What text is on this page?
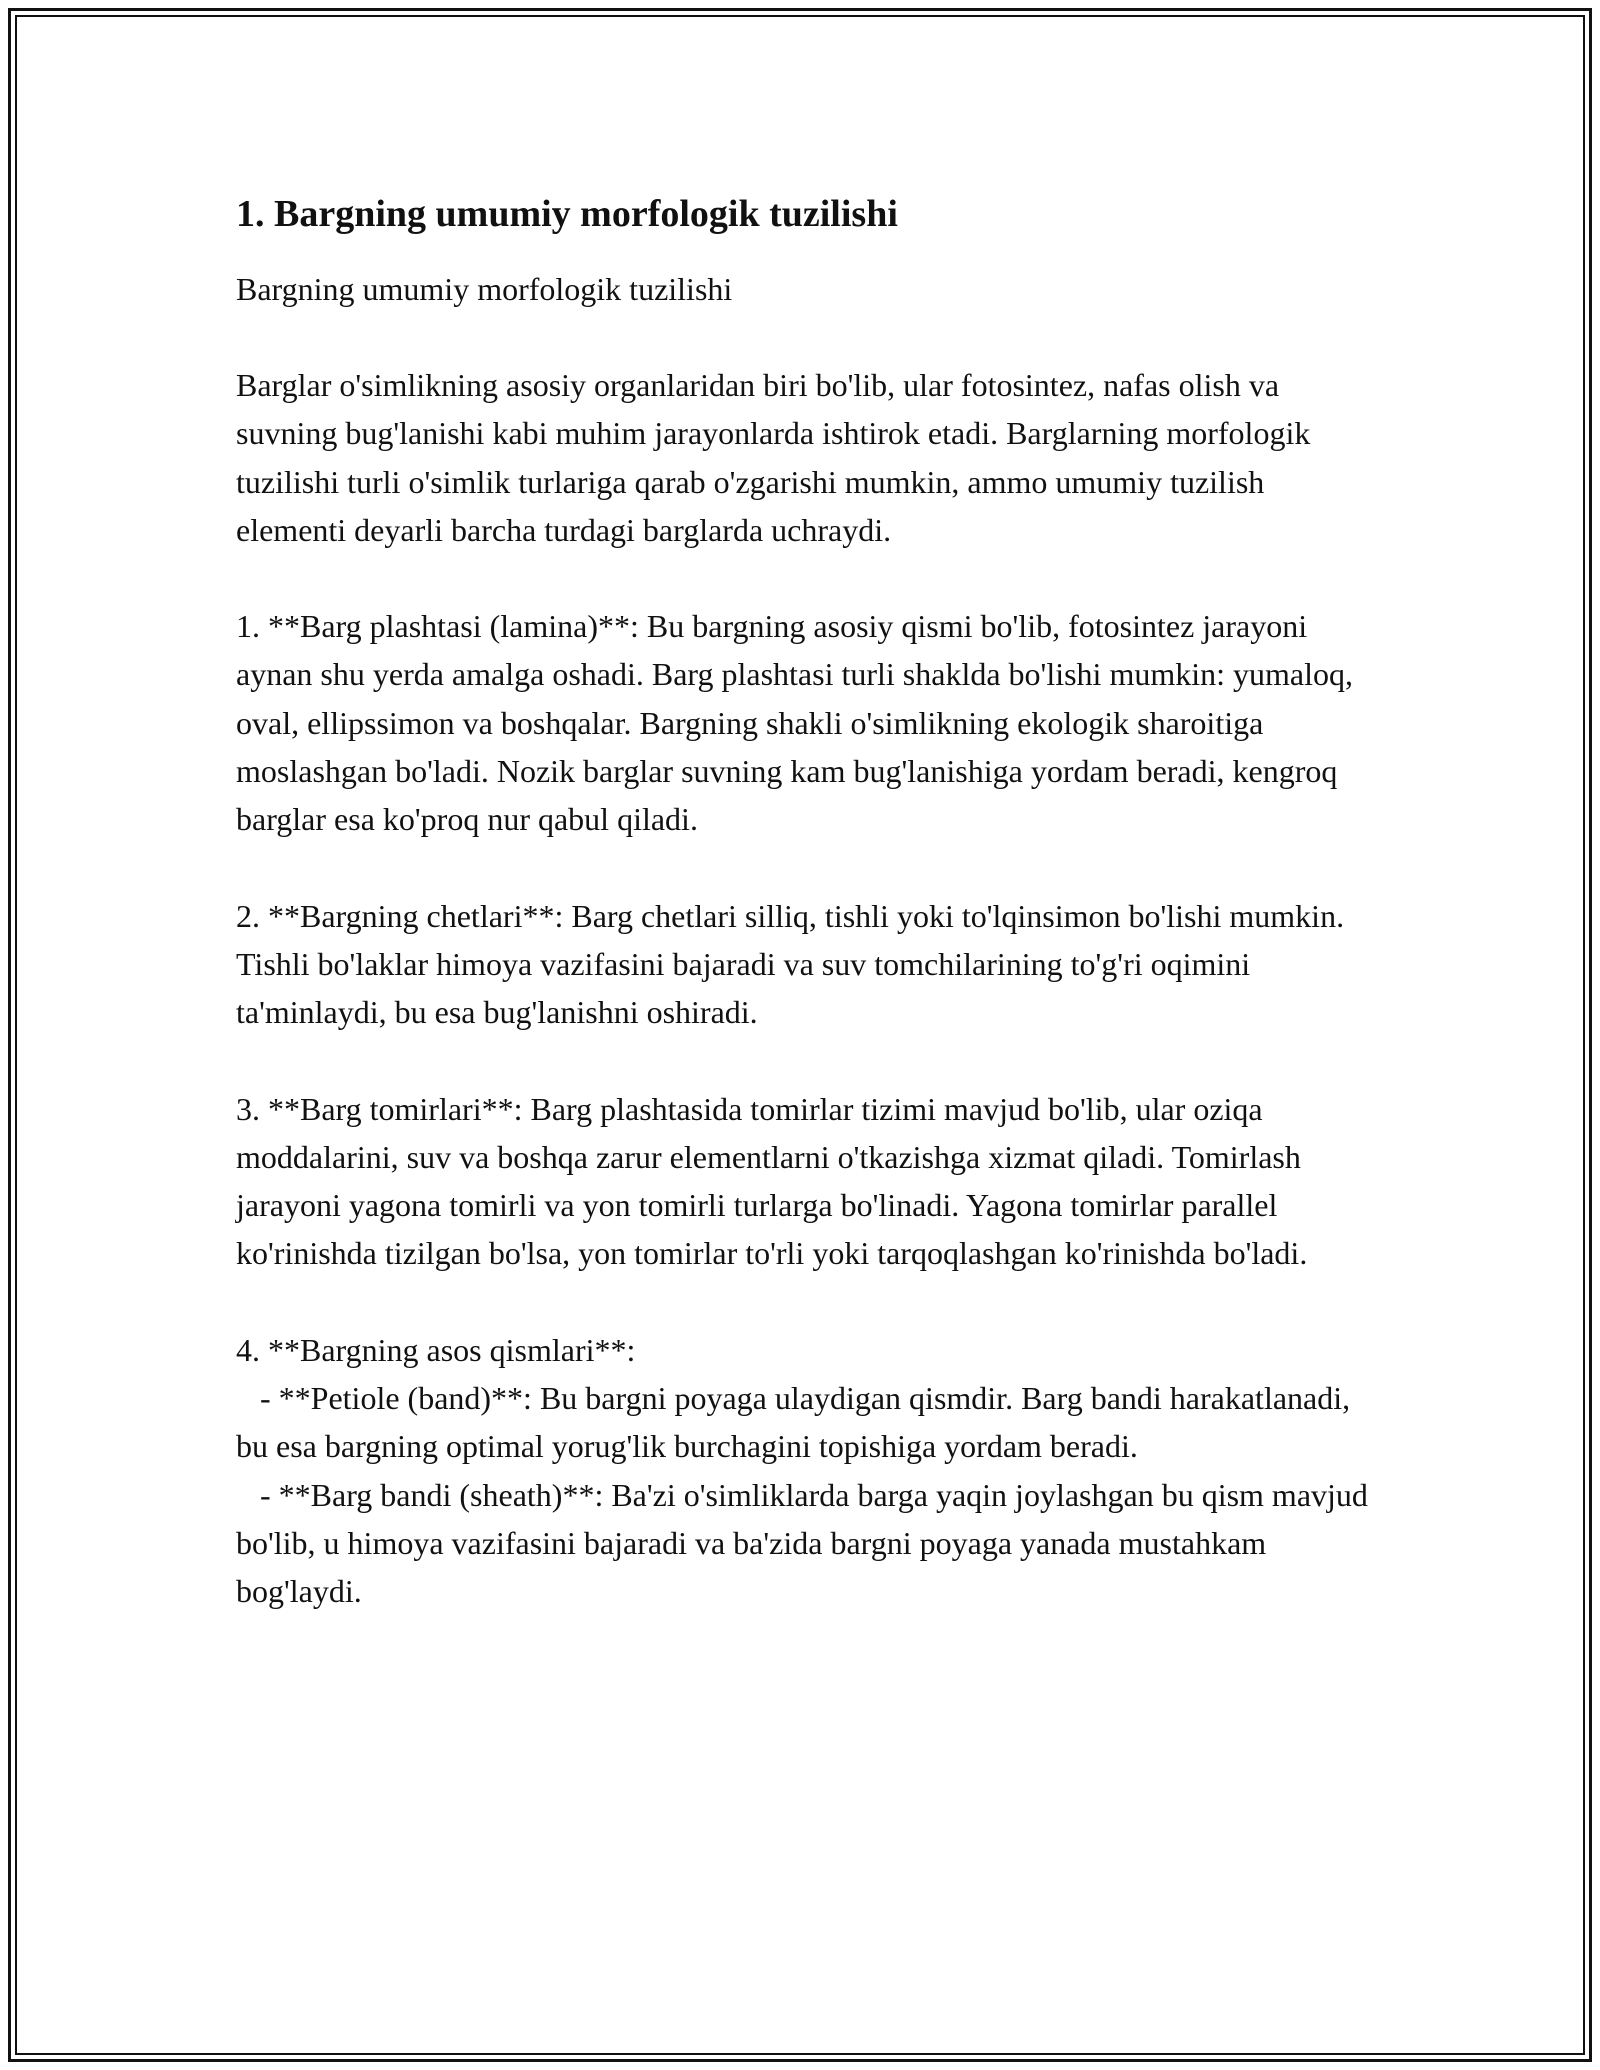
1. Bargning umumiy morfologik tuzilishi

Bargning umumiy morfologik tuzilishi

Barglar o'simlikning asosiy organlaridan biri bo'lib, ular fotosintez, nafas olish va suvning bug'lanishi kabi muhim jarayonlarda ishtirok etadi. Barglarning morfologik tuzilishi turli o'simlik turlariga qarab o'zgarishi mumkin, ammo umumiy tuzilish elementi deyarli barcha turdagi barglarda uchraydi.

1. **Barg plashtasi (lamina)**: Bu bargning asosiy qismi bo'lib, fotosintez jarayoni aynan shu yerda amalga oshadi. Barg plashtasi turli shaklda bo'lishi mumkin: yumaloq, oval, ellipssimon va boshqalar. Bargning shakli o'simlikning ekologik sharoitiga moslashgan bo'ladi. Nozik barglar suvning kam bug'lanishiga yordam beradi, kengroq barglar esa ko'proq nur qabul qiladi.

2. **Bargning chetlari**: Barg chetlari silliq, tishli yoki to'lqinsimon bo'lishi mumkin. Tishli bo'laklar himoya vazifasini bajaradi va suv tomchilarining to'g'ri oqimini ta'minlaydi, bu esa bug'lanishni oshiradi.

3. **Barg tomirlari**: Barg plashtasida tomirlar tizimi mavjud bo'lib, ular oziqa moddalarini, suv va boshqa zarur elementlarni o'tkazishga xizmat qiladi. Tomirlash jarayoni yagona tomirli va yon tomirli turlarga bo'linadi. Yagona tomirlar parallel ko'rinishda tizilgan bo'lsa, yon tomirlar to'rli yoki tarqoqlashgan ko'rinishda bo'ladi.

4. **Bargning asos qismlari**:

- **Petiole (band)**: Bu bargni poyaga ulaydigan qismdir. Barg bandi harakatlanadi, bu esa bargning optimal yorug'lik burchagini topishiga yordam beradi.

- **Barg bandi (sheath)**: Ba'zi o'simliklarda barga yaqin joylashgan bu qism mavjud bo'lib, u himoya vazifasini bajaradi va ba'zida bargni poyaga yanada mustahkam bog'laydi.
